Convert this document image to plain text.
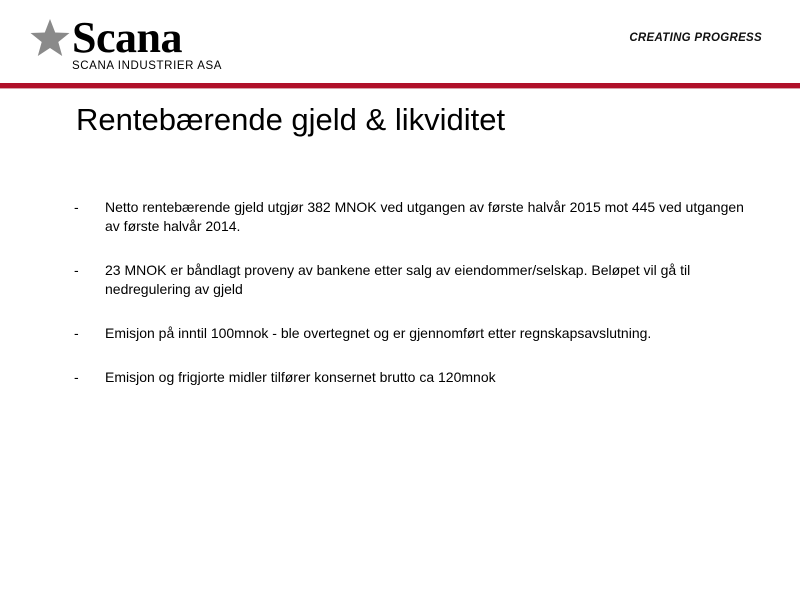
Scana
SCANA INDUSTRIER ASA
CREATING PROGRESS
Rentebærende gjeld & likviditet
- Netto rentebærende gjeld utgjør 382 MNOK ved utgangen av første halvår 2015 mot 445 ved utgangen av første halvår 2014.
- 23 MNOK er båndlagt proveny av bankene etter salg av eiendommer/selskap. Beløpet vil gå til nedregulering av gjeld
- Emisjon på inntil 100mnok - ble overtegnet og er gjennomført etter regnskapsavslutning.
- Emisjon og frigjorte midler tilfører konsernet brutto ca 120mnok
